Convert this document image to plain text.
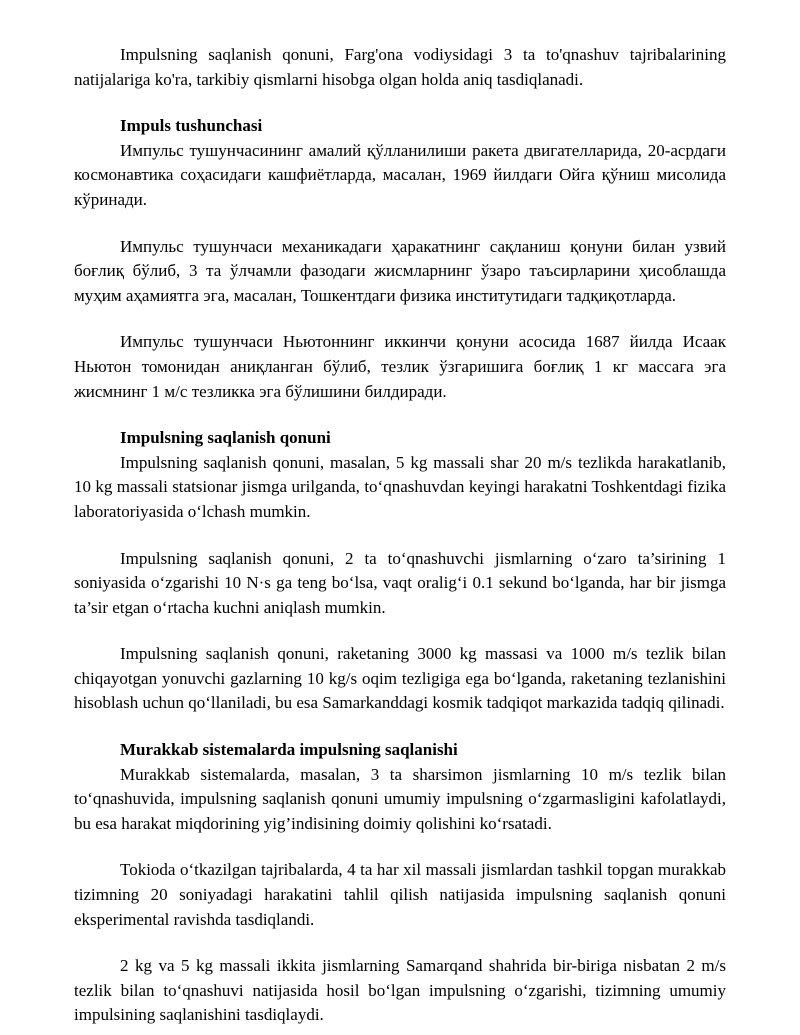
Impulsning saqlanish qonuni, Farg'ona vodiysidagi 3 ta to'qnashuv tajribalarining natijalariga ko'ra, tarkibiy qismlarni hisobga olgan holda aniq tasdiqlanadi.

Impuls tushunchasi

Импульс тушунчасининг амалий қўлланилиши ракета двигателларида, 20-асрдаги космонавтика соҳасидаги кашфиётларда, масалан, 1969 йилдаги Ойга қўниш мисолида кўринади.

Импульс тушунчаси механикадаги ҳаракатнинг сақланиш қонуни билан узвий боғлиқ бўлиб, 3 та ўлчамли фазодаги жисмларнинг ўзаро таъсирларини ҳисоблашда муҳим аҳамиятга эга, масалан, Тошкентдаги физика институтидаги тадқиқотларда.

Импульс тушунчаси Ньютоннинг иккинчи қонуни асосида 1687 йилда Исаак Ньютон томонидан аниқланган бўлиб, тезлик ўзгаришига боғлиқ 1 кг массага эга жисмнинг 1 м/с тезликка эга бўлишини билдиради.

Impulsning saqlanish qonuni

Impulsning saqlanish qonuni, masalan, 5 kg massali shar 20 m/s tezlikda harakatlanib, 10 kg massali statsionar jismga urilganda, to‘qnashuvdan keyingi harakatni Toshkentdagi fizika laboratoriyasida o‘lchash mumkin.

Impulsning saqlanish qonuni, 2 ta to‘qnashuvchi jismlarning o‘zaro ta’sirining 1 soniyasida o‘zgarishi 10 N·s ga teng bo‘lsa, vaqt oralig‘i 0.1 sekund bo‘lganda, har bir jismga ta’sir etgan o‘rtacha kuchni aniqlash mumkin.

Impulsning saqlanish qonuni, raketaning 3000 kg massasi va 1000 m/s tezlik bilan chiqayotgan yonuvchi gazlarning 10 kg/s oqim tezligiga ega bo‘lganda, raketaning tezlanishini hisoblash uchun qo‘llaniladi, bu esa Samarkanddagi kosmik tadqiqot markazida tadqiq qilinadi.

Murakkab sistemalarda impulsning saqlanishi

Murakkab sistemalarda, masalan, 3 ta sharsimon jismlarning 10 m/s tezlik bilan to‘qnashuvida, impulsning saqlanish qonuni umumiy impulsning o‘zgarmasligini kafolatlaydi, bu esa harakat miqdorining yig’indisining doimiy qolishini ko‘rsatadi.

Tokioda o‘tkazilgan tajribalarda, 4 ta har xil massali jismlardan tashkil topgan murakkab tizimning 20 soniyadagi harakatini tahlil qilish natijasida impulsning saqlanish qonuni eksperimental ravishda tasdiqlandi.

2 kg va 5 kg massali ikkita jismlarning Samarqand shahrida bir-biriga nisbatan 2 m/s tezlik bilan to‘qnashuvi natijasida hosil bo‘lgan impulsning o‘zgarishi, tizimning umumiy impulsining saqlanishini tasdiqlaydi.
